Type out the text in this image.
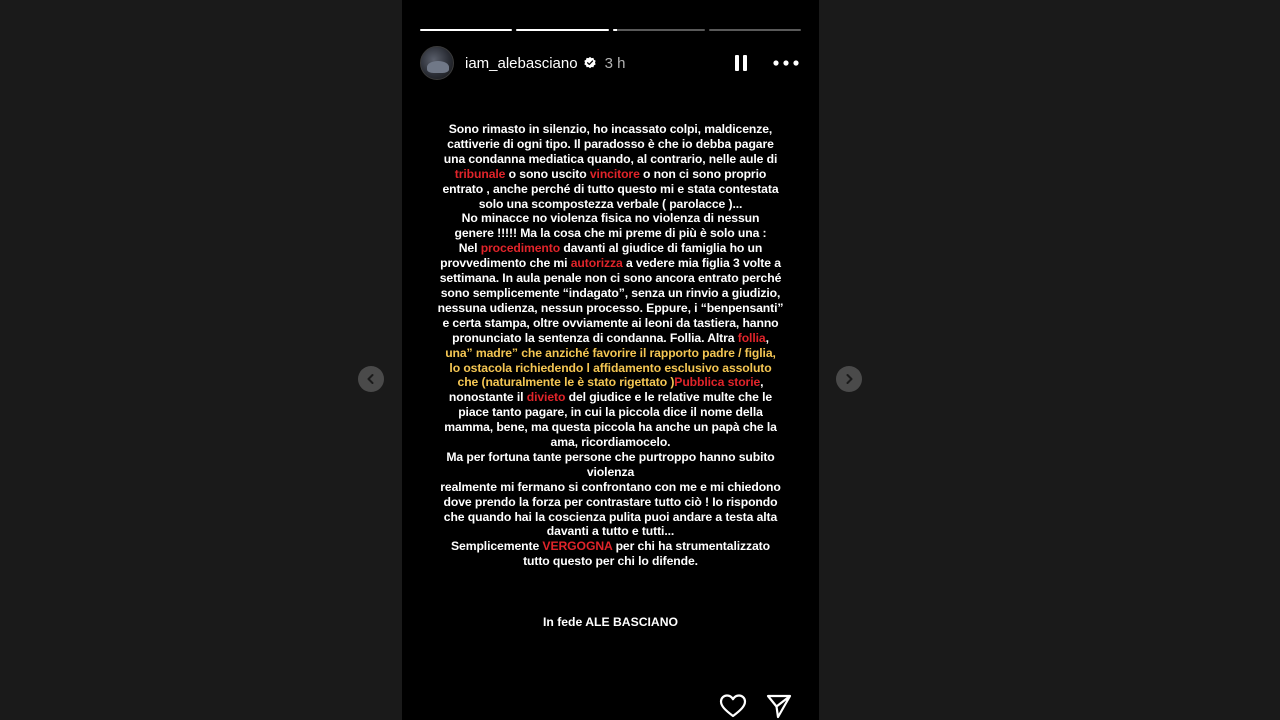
iam_alebasciano 3 h
Sono rimasto in silenzio, ho incassato colpi, maldicenze,
cattiverie di ogni tipo. Il paradosso è che io debba pagare
una condanna mediatica quando, al contrario, nelle aule di
tribunale o sono uscito vincitore o non ci sono proprio
entrato , anche perché di tutto questo mi e stata contestata
solo una scompostezza verbale ( parolacce )...
No minacce no violenza fisica no violenza di nessun
genere !!!!! Ma la cosa che mi preme di più è solo una :
Nel procedimento davanti al giudice di famiglia ho un
provvedimento che mi autorizza a vedere mia figlia 3 volte a
settimana. In aula penale non ci sono ancora entrato perché
sono semplicemente “indagato”, senza un rinvio a giudizio,
nessuna udienza, nessun processo. Eppure, i “benpensanti”
e certa stampa, oltre ovviamente ai leoni da tastiera, hanno
pronunciato la sentenza di condanna. Follia. Altra follia,
una” madre” che anziché favorire il rapporto padre / figlia,
lo ostacola richiedendo l affidamento esclusivo assoluto
che (naturalmente le è stato rigettato )Pubblica storie,
nonostante il divieto del giudice e le relative multe che le
piace tanto pagare, in cui la piccola dice il nome della
mamma, bene, ma questa piccola ha anche un papà che la
ama, ricordiamocelo.
Ma per fortuna tante persone che purtroppo hanno subito
violenza
realmente mi fermano si confrontano con me e mi chiedono
dove prendo la forza per contrastare tutto ciò ! Io rispondo
che quando hai la coscienza pulita puoi andare a testa alta
davanti a tutto e tutti...
Semplicemente VERGOGNA per chi ha strumentalizzato
tutto questo per chi lo difende.
In fede ALE BASCIANO
